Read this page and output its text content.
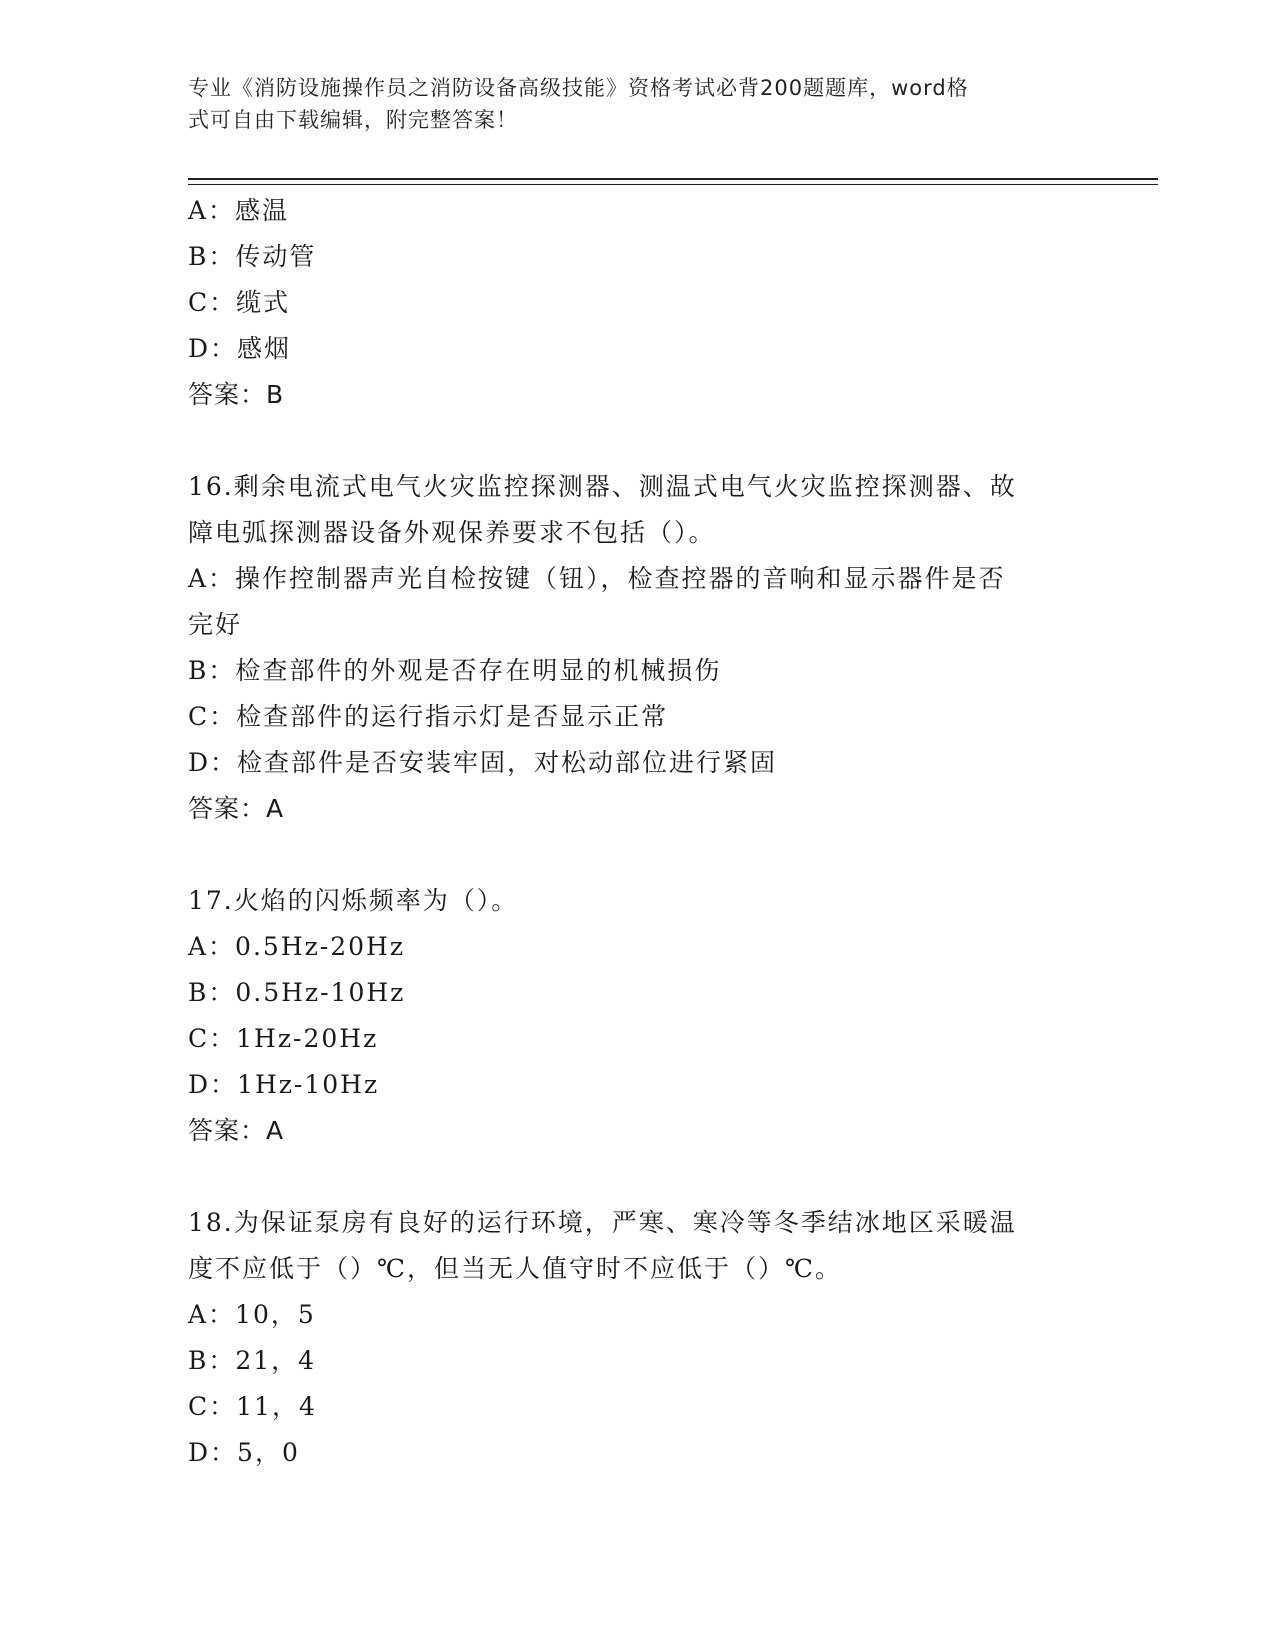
专业《消防设施操作员之消防设备高级技能》资格考试必背200题题库，word格
式可自由下载编辑，附完整答案！
A：感温
B：传动管
C：缆式
D：感烟
答案：B
16.剩余电流式电气火灾监控探测器、测温式电气火灾监控探测器、故
障电弧探测器设备外观保养要求不包括（）。
A：操作控制器声光自检按键（钮），检查控器的音响和显示器件是否
完好
B：检查部件的外观是否存在明显的机械损伤
C：检查部件的运行指示灯是否显示正常
D：检查部件是否安装牢固，对松动部位进行紧固
答案：A
17.火焰的闪烁频率为（）。
A：0.5Hz-20Hz
B：0.5Hz-10Hz
C：1Hz-20Hz
D：1Hz-10Hz
答案：A
18.为保证泵房有良好的运行环境，严寒、寒冷等冬季结冰地区采暖温
度不应低于（）℃，但当无人值守时不应低于（）℃。
A：10，5
B：21，4
C：11，4
D：5，0
